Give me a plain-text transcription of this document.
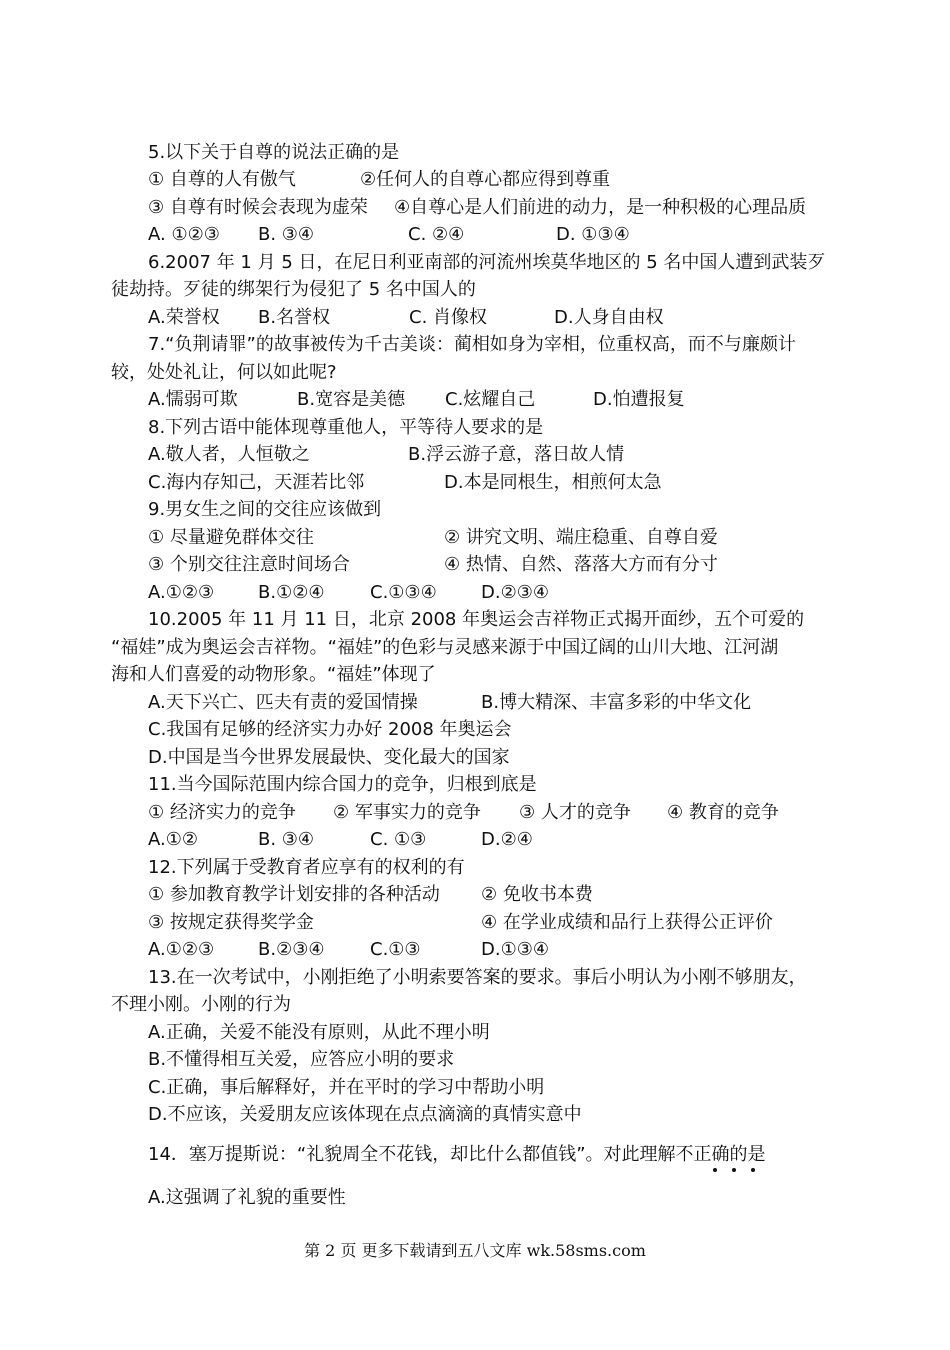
5.以下关于自尊的说法正确的是
① 自尊的人有傲气	②任何人的自尊心都应得到尊重
③ 自尊有时候会表现为虚荣 ④自尊心是人们前进的动力，是一种积极的心理品质
A. ①②③ B. ③④	C. ②④	D. ①③④
6.2007 年 1 月 5 日，在尼日利亚南部的河流州埃莫华地区的 5 名中国人遭到武装歹
徒劫持。歹徒的绑架行为侵犯了 5 名中国人的
A.荣誉权 B.名誉权	C. 肖像权	D.人身自由权
7.“负荆请罪”的故事被传为千古美谈：蔺相如身为宰相，位重权高，而不与廉颇计
较，处处礼让，何以如此呢?
A.懦弱可欺	B.宽容是美德 C.炫耀自己	D.怕遭报复
8.下列古语中能体现尊重他人，平等待人要求的是
A.敬人者，人恒敬之	B.浮云游子意，落日故人情
C.海内存知己，天涯若比邻	D.本是同根生，相煎何太急
9.男女生之间的交往应该做到
① 尽量避免群体交往	② 讲究文明、端庄稳重、自尊自爱
③ 个别交往注意时间场合	④ 热情、自然、落落大方而有分寸
A.①②③ B.①②④	C.①③④ D.②③④
10.2005 年 11 月 11 日，北京 2008 年奥运会吉祥物正式揭开面纱，五个可爱的
“福娃”成为奥运会吉祥物。“福娃”的色彩与灵感来源于中国辽阔的山川大地、江河湖
海和人们喜爱的动物形象。“福娃”体现了
A.天下兴亡、匹夫有责的爱国情操	B.博大精深、丰富多彩的中华文化
C.我国有足够的经济实力办好 2008 年奥运会
D.中国是当今世界发展最快、变化最大的国家
11.当今国际范围内综合国力的竞争，归根到底是
① 经济实力的竞争 ② 军事实力的竞争 ③ 人才的竞争 ④ 教育的竞争
A.①②	B. ③④	C. ①③	D.②④
12.下列属于受教育者应享有的权利的有
① 参加教育教学计划安排的各种活动 ② 免收书本费
③ 按规定获得奖学金	④ 在学业成绩和品行上获得公正评价
A.①②③ B.②③④	C.①③	D.①③④
13.在一次考试中，小刚拒绝了小明索要答案的要求。事后小明认为小刚不够朋友，
不理小刚。小刚的行为
A.正确，关爱不能没有原则，从此不理小明
B.不懂得相互关爱，应答应小明的要求
C.正确，事后解释好，并在平时的学习中帮助小明
D.不应该，关爱朋友应该体现在点点滴滴的真情实意中
14．塞万提斯说：“礼貌周全不花钱，却比什么都值钱”。对此理解不正确的是
A.这强调了礼貌的重要性
第 2 页 更多下载请到五八文库 wk.58sms.com
